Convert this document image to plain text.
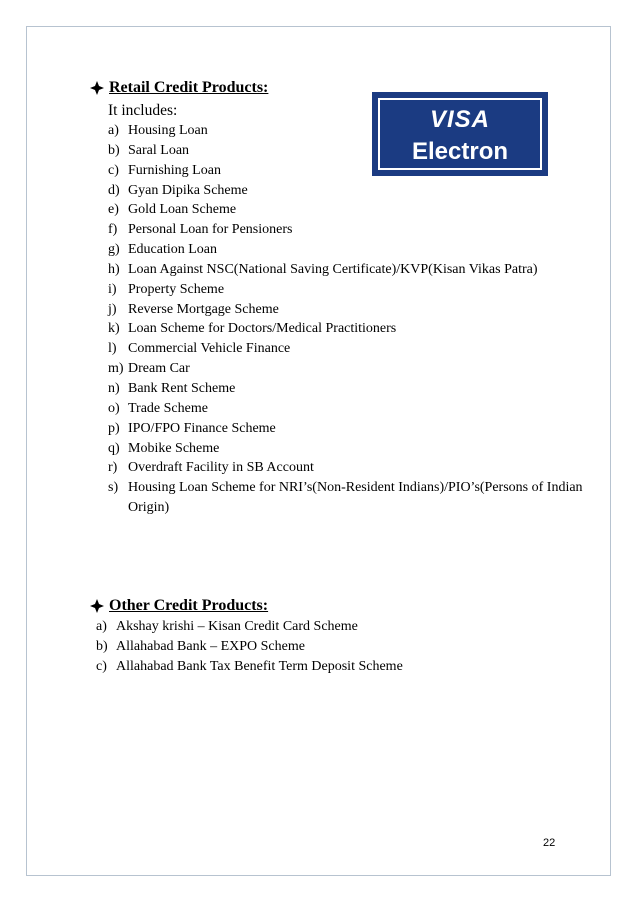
Retail Credit Products:
It includes:	VISA
Electron
a) Housing Loan
b) Saral Loan
c) Furnishing Loan
d) Gyan Dipika Scheme
e) Gold Loan Scheme
f) Personal Loan for Pensioners
g) Education Loan
h) Loan Against NSC(National Saving Certificate)/KVP(Kisan Vikas Patra)
i) Property Scheme
j) Reverse Mortgage Scheme
k) Loan Scheme for Doctors/Medical Practitioners
l) Commercial Vehicle Finance
m) Dream Car
n) Bank Rent Scheme
o) Trade Scheme
p) IPO/FPO Finance Scheme
q) Mobike Scheme
r) Overdraft Facility in SB Account
s) Housing Loan Scheme for NRI’s(Non-Resident Indians)/PIO’s(Persons of Indian Origin)
Other Credit Products:
a) Akshay krishi – Kisan Credit Card Scheme
b) Allahabad Bank – EXPO Scheme
c) Allahabad Bank Tax Benefit Term Deposit Scheme
22
